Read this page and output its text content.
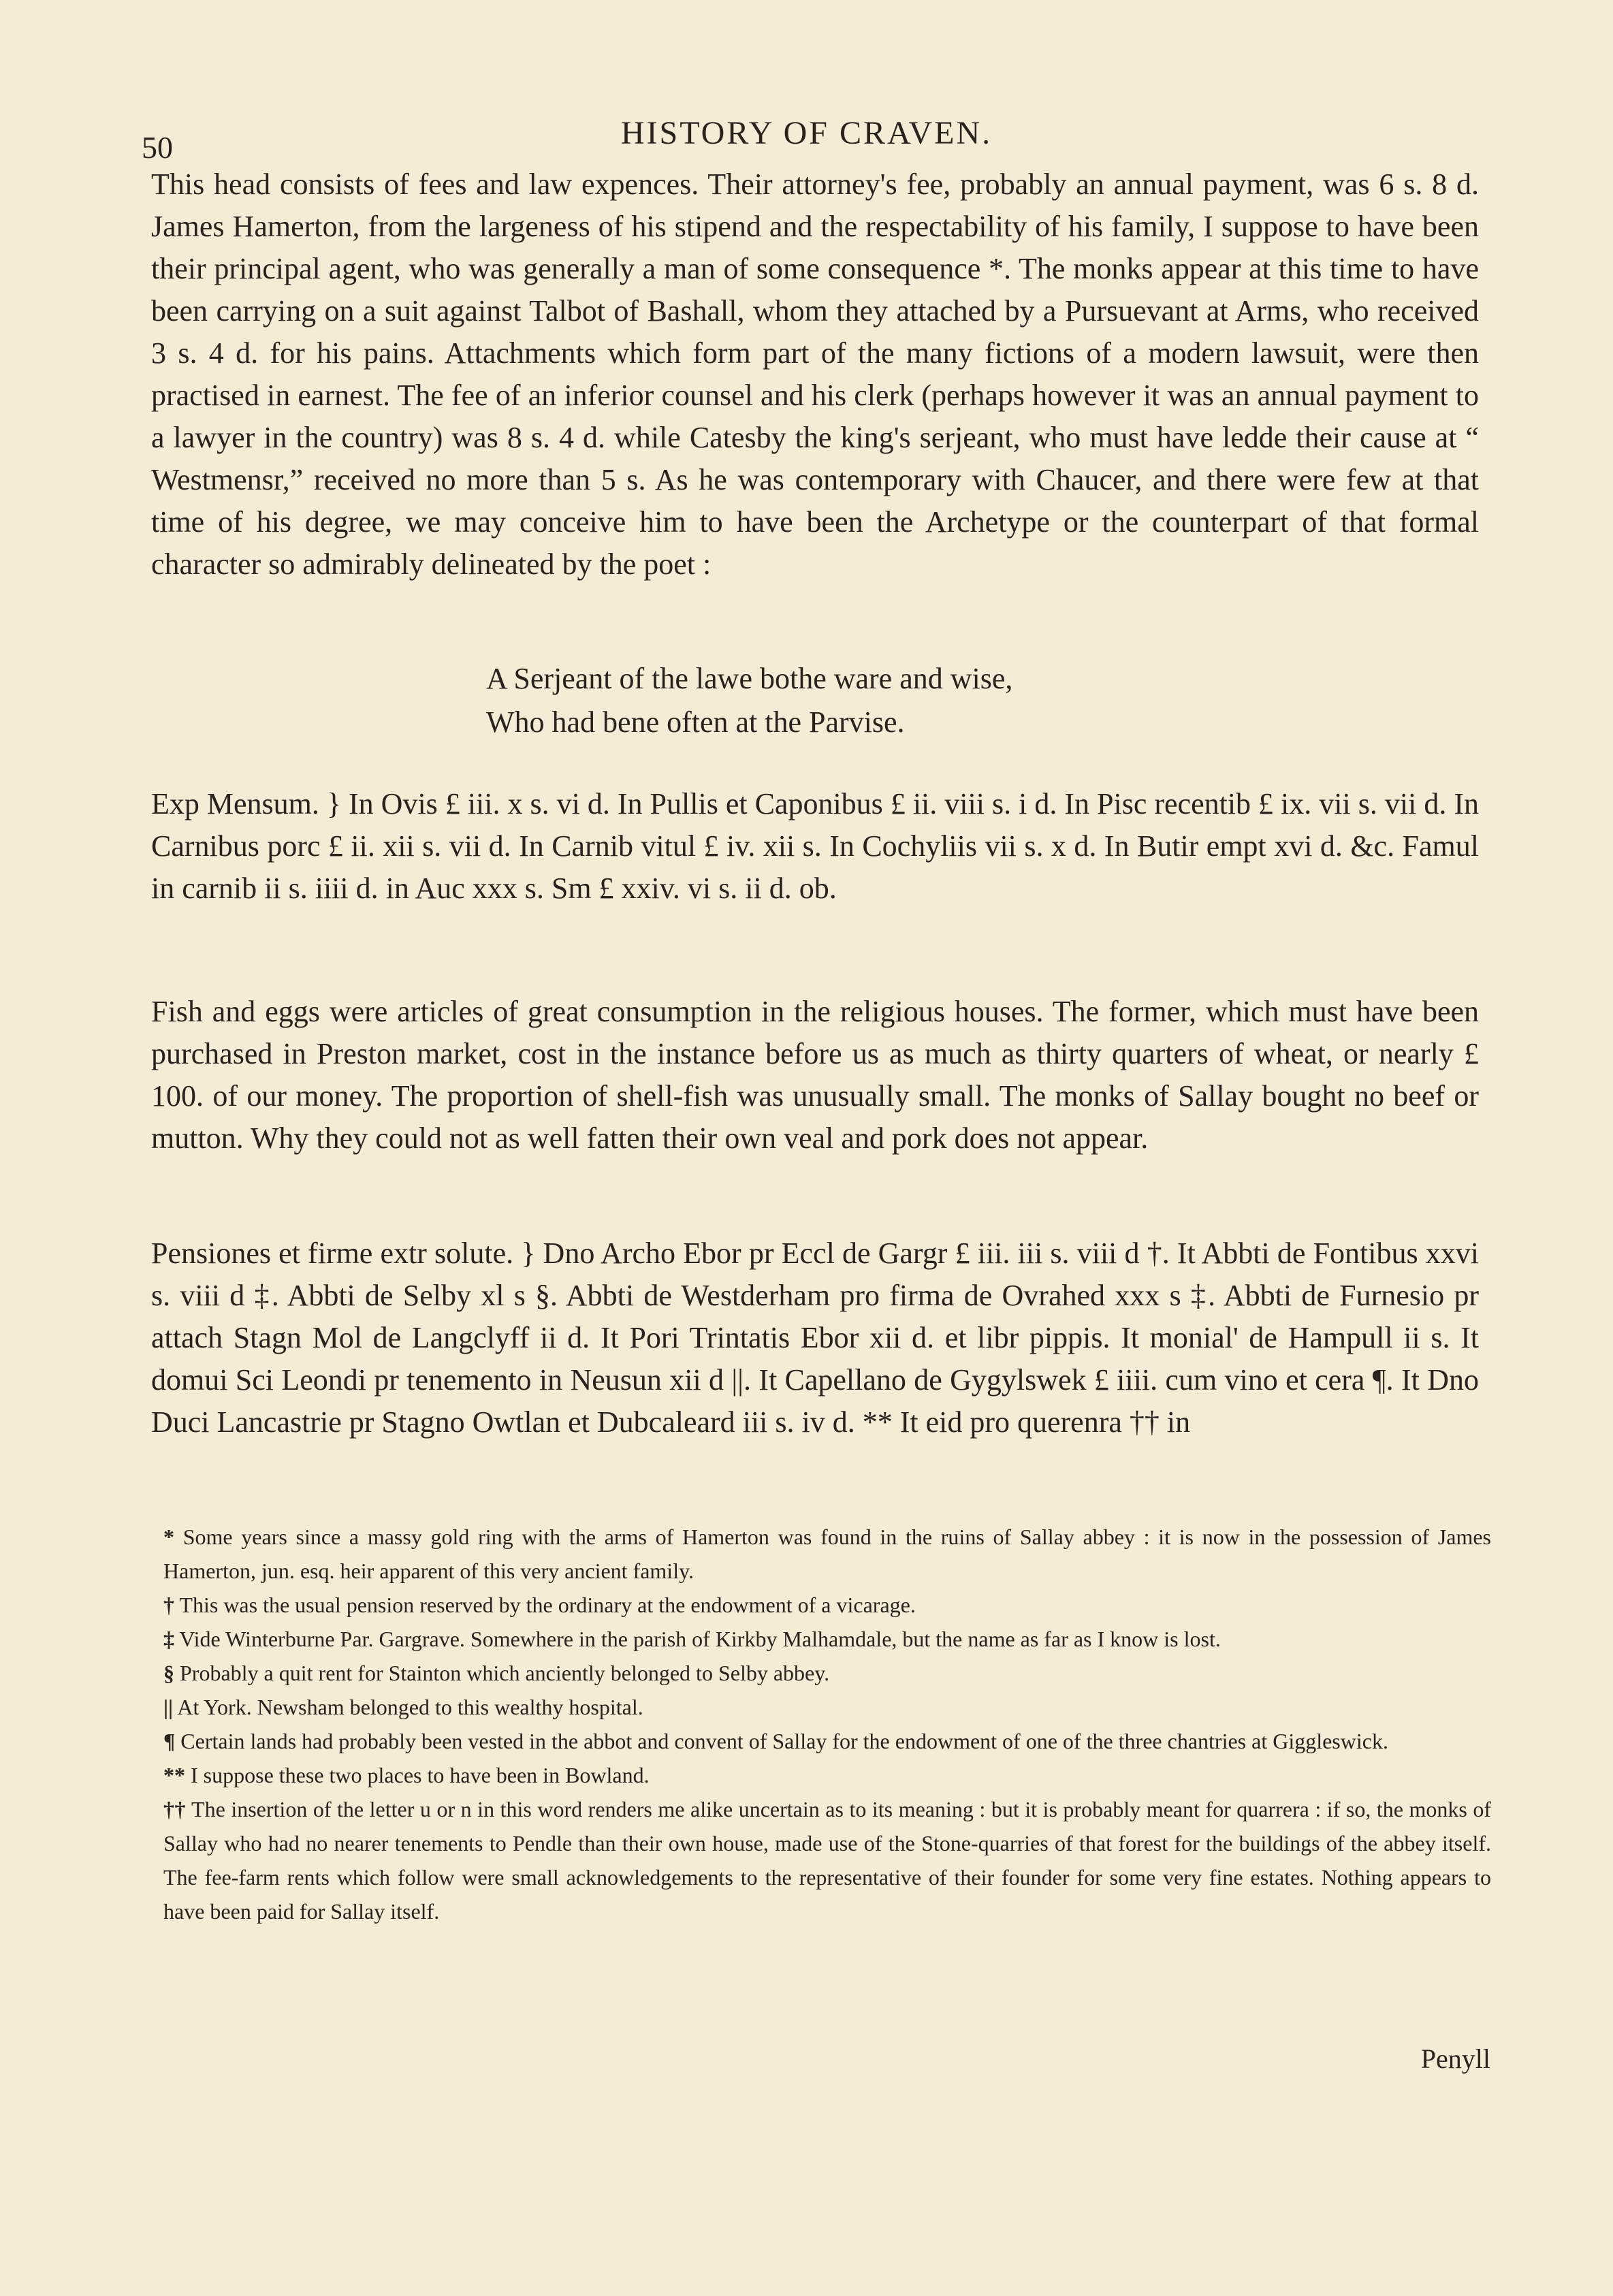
50	HISTORY OF CRAVEN.

This head consists of fees and law expences. Their attorney's fee, probably an annual payment, was 6 s. 8 d. James Hamerton, from the largeness of his stipend and the respectability of his family, I suppose to have been their principal agent, who was generally a man of some consequence *. The monks appear at this time to have been carrying on a suit against Talbot of Bashall, whom they attached by a Pursuevant at Arms, who received 3 s. 4 d. for his pains. Attachments which form part of the many fictions of a modern lawsuit, were then practised in earnest. The fee of an inferior counsel and his clerk (perhaps however it was an annual payment to a lawyer in the country) was 8 s. 4 d. while Catesby the king's serjeant, who must have ledde their cause at “ Westmensr,” received no more than 5 s. As he was contemporary with Chaucer, and there were few at that time of his degree, we may conceive him to have been the Archetype or the counterpart of that formal character so admirably delineated by the poet :

A Serjeant of the lawe bothe ware and wise,
Who had bene often at the Parvise.

Exp Mensum. } In Ovis £ iii. x s. vi d. In Pullis et Caponibus £ ii. viii s. i d. In Pisc recentib £ ix. vii s. vii d. In Carnibus porc £ ii. xii s. vii d. In Carnib vitul £ iv. xii s. In Cochyliis vii s. x d. In Butir empt xvi d. &c. Famul in carnib ii s. iiii d. in Auc xxx s. Sm £ xxiv. vi s. ii d. ob.

Fish and eggs were articles of great consumption in the religious houses. The former, which must have been purchased in Preston market, cost in the instance before us as much as thirty quarters of wheat, or nearly £ 100. of our money. The proportion of shell-fish was unusually small. The monks of Sallay bought no beef or mutton. Why they could not as well fatten their own veal and pork does not appear.

Pensiones et firme extr solute. } Dno Archo Ebor pr Eccl de Gargr £ iii. iii s. viii d †. It Abbti de Fontibus xxvi s. viii d ‡. Abbti de Selby xl s §. Abbti de Westderham pro firma de Ovrahed xxx s ‡. Abbti de Furnesio pr attach Stagn Mol de Langclyff ii d. It Pori Trintatis Ebor xii d. et libr pippis. It monial' de Hampull ii s. It domui Sci Leondi pr tenemento in Neusun xii d ||. It Capellano de Gygylswek £ iiii. cum vino et cera ¶. It Dno Duci Lancastrie pr Stagno Owtlan et Dubcaleard iii s. iv d. ** It eid pro querenra †† in

* Some years since a massy gold ring with the arms of Hamerton was found in the ruins of Sallay abbey : it is now in the possession of James Hamerton, jun. esq. heir apparent of this very ancient family.

† This was the usual pension reserved by the ordinary at the endowment of a vicarage.

‡ Vide Winterburne Par. Gargrave. Somewhere in the parish of Kirkby Malhamdale, but the name as far as I know is lost.

§ Probably a quit rent for Stainton which anciently belonged to Selby abbey.

|| At York. Newsham belonged to this wealthy hospital.

¶ Certain lands had probably been vested in the abbot and convent of Sallay for the endowment of one of the three chantries at Giggleswick.

** I suppose these two places to have been in Bowland.

†† The insertion of the letter u or n in this word renders me alike uncertain as to its meaning : but it is probably meant for quarrera : if so, the monks of Sallay who had no nearer tenements to Pendle than their own house, made use of the Stone-quarries of that forest for the buildings of the abbey itself. The fee-farm rents which follow were small acknowledgements to the representative of their founder for some very fine estates. Nothing appears to have been paid for Sallay itself.

Penyll
